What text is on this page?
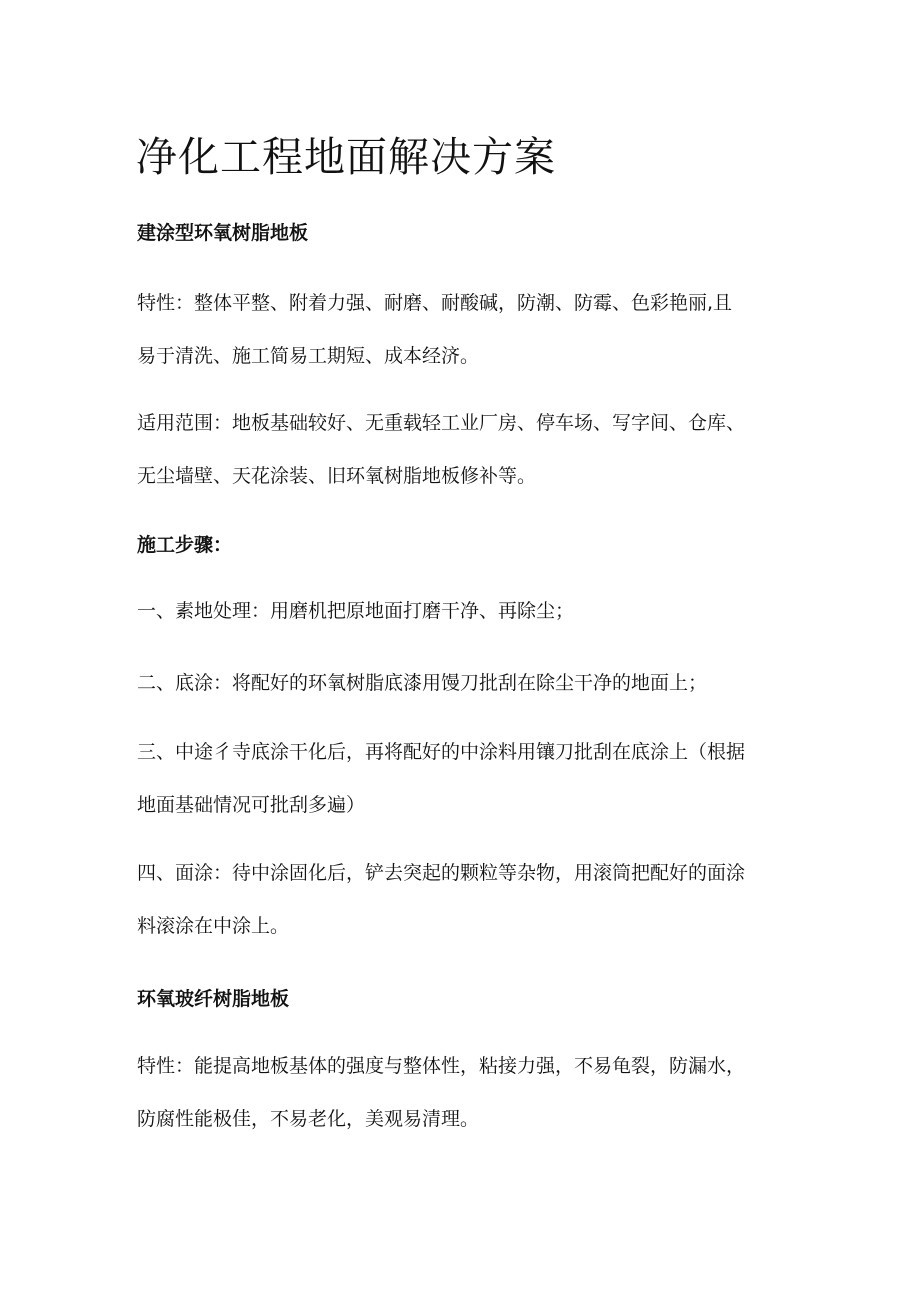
净化工程地面解决方案
建涂型环氧树脂地板

特性：整体平整、附着力强、耐磨、耐酸碱，防潮、防霉、色彩艳丽,且
易于清洗、施工简易工期短、成本经济。

适用范围：地板基础较好、无重载轻工业厂房、停车场、写字间、仓库、
无尘墙壁、天花涂装、旧环氧树脂地板修补等。

施工步骤：

一、素地处理：用磨机把原地面打磨干净、再除尘；

二、底涂：将配好的环氧树脂底漆用馒刀批刮在除尘干净的地面上；

三、中途彳寺底涂干化后，再将配好的中涂料用镶刀批刮在底涂上（根据
地面基础情况可批刮多遍）

四、面涂：待中涂固化后，铲去突起的颗粒等杂物，用滚筒把配好的面涂
料滚涂在中涂上。

环氧玻纤树脂地板

特性：能提高地板基体的强度与整体性，粘接力强，不易龟裂，防漏水，
防腐性能极佳，不易老化，美观易清理。
